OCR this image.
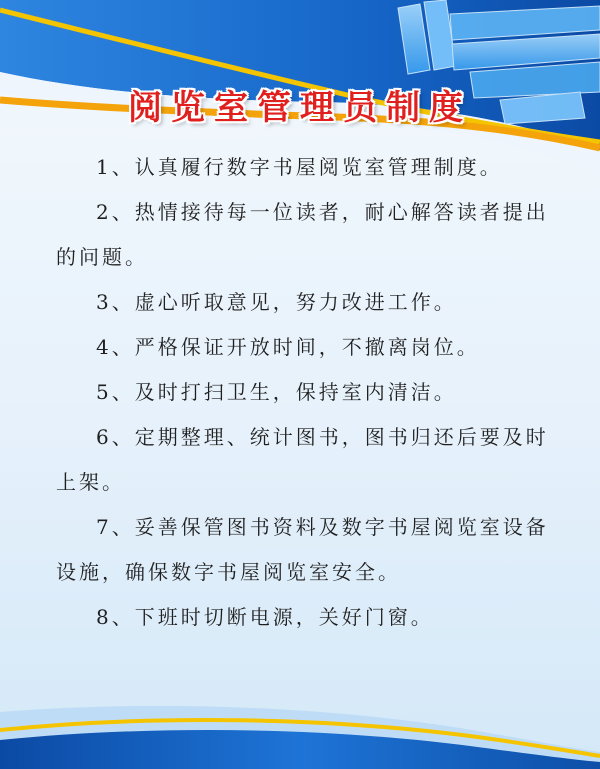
阅览室管理员制度

1、认真履行数字书屋阅览室管理制度。

2、热情接待每一位读者，耐心解答读者提出的问题。

3、虚心听取意见，努力改进工作。

4、严格保证开放时间，不撤离岗位。

5、及时打扫卫生，保持室内清洁。

6、定期整理、统计图书，图书归还后要及时上架。

7、妥善保管图书资料及数字书屋阅览室设备设施，确保数字书屋阅览室安全。

8、下班时切断电源，关好门窗。
